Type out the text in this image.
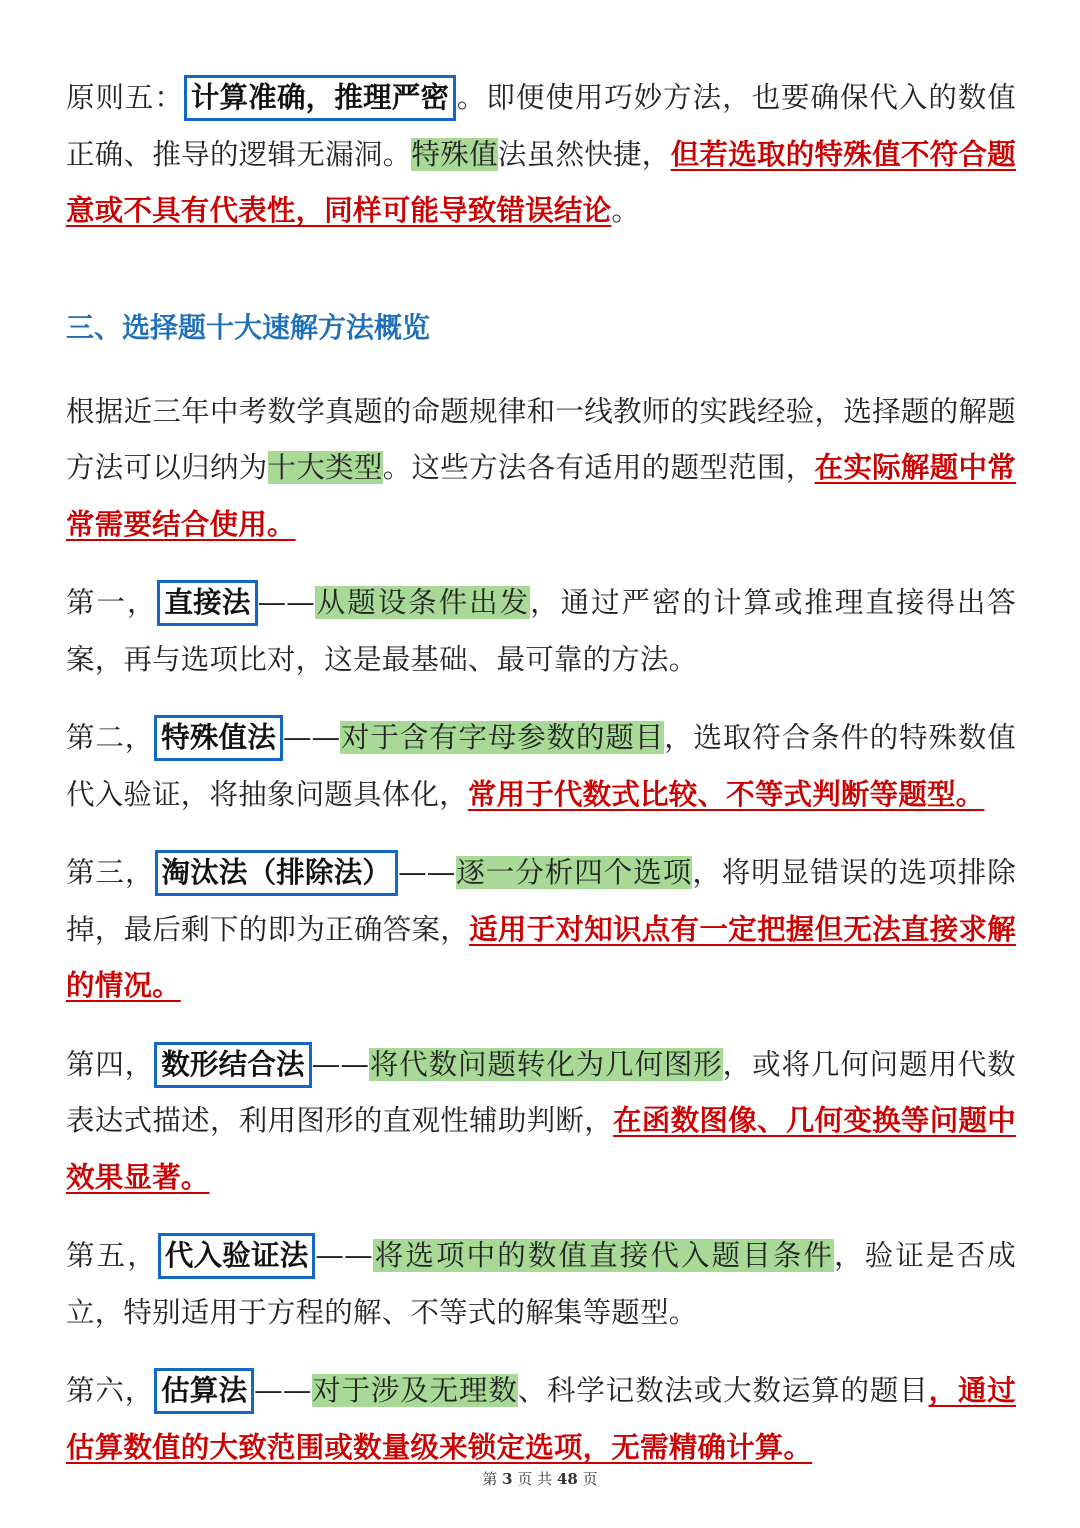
原则五： 计算准确，推理严密 。即便使用巧妙方法，也要确保代入的数值正确、推导的逻辑无漏洞。特殊值法虽然快捷，但若选取的特殊值不符合题意或不具有代表性，同样可能导致错误结论。

三、选择题十大速解方法概览

根据近三年中考数学真题的命题规律和一线教师的实践经验，选择题的解题方法可以归纳为十大类型。这些方法各有适用的题型范围，在实际解题中常常需要结合使用。

第一， 直接法 ——从题设条件出发，通过严密的计算或推理直接得出答案，再与选项比对，这是最基础、最可靠的方法。

第二， 特殊值法 ——对于含有字母参数的题目，选取符合条件的特殊数值代入验证，将抽象问题具体化，常用于代数式比较、不等式判断等题型。

第三， 淘汰法（排除法） ——逐一分析四个选项，将明显错误的选项排除掉，最后剩下的即为正确答案，适用于对知识点有一定把握但无法直接求解的情况。

第四， 数形结合法 ——将代数问题转化为几何图形，或将几何问题用代数表达式描述，利用图形的直观性辅助判断，在函数图像、几何变换等问题中效果显著。

第五， 代入验证法 ——将选项中的数值直接代入题目条件，验证是否成立，特别适用于方程的解、不等式的解集等题型。

第六， 估算法 ——对于涉及无理数、科学记数法或大数运算的题目，通过估算数值的大致范围或数量级来锁定选项，无需精确计算。

第 3 页 共 48 页
